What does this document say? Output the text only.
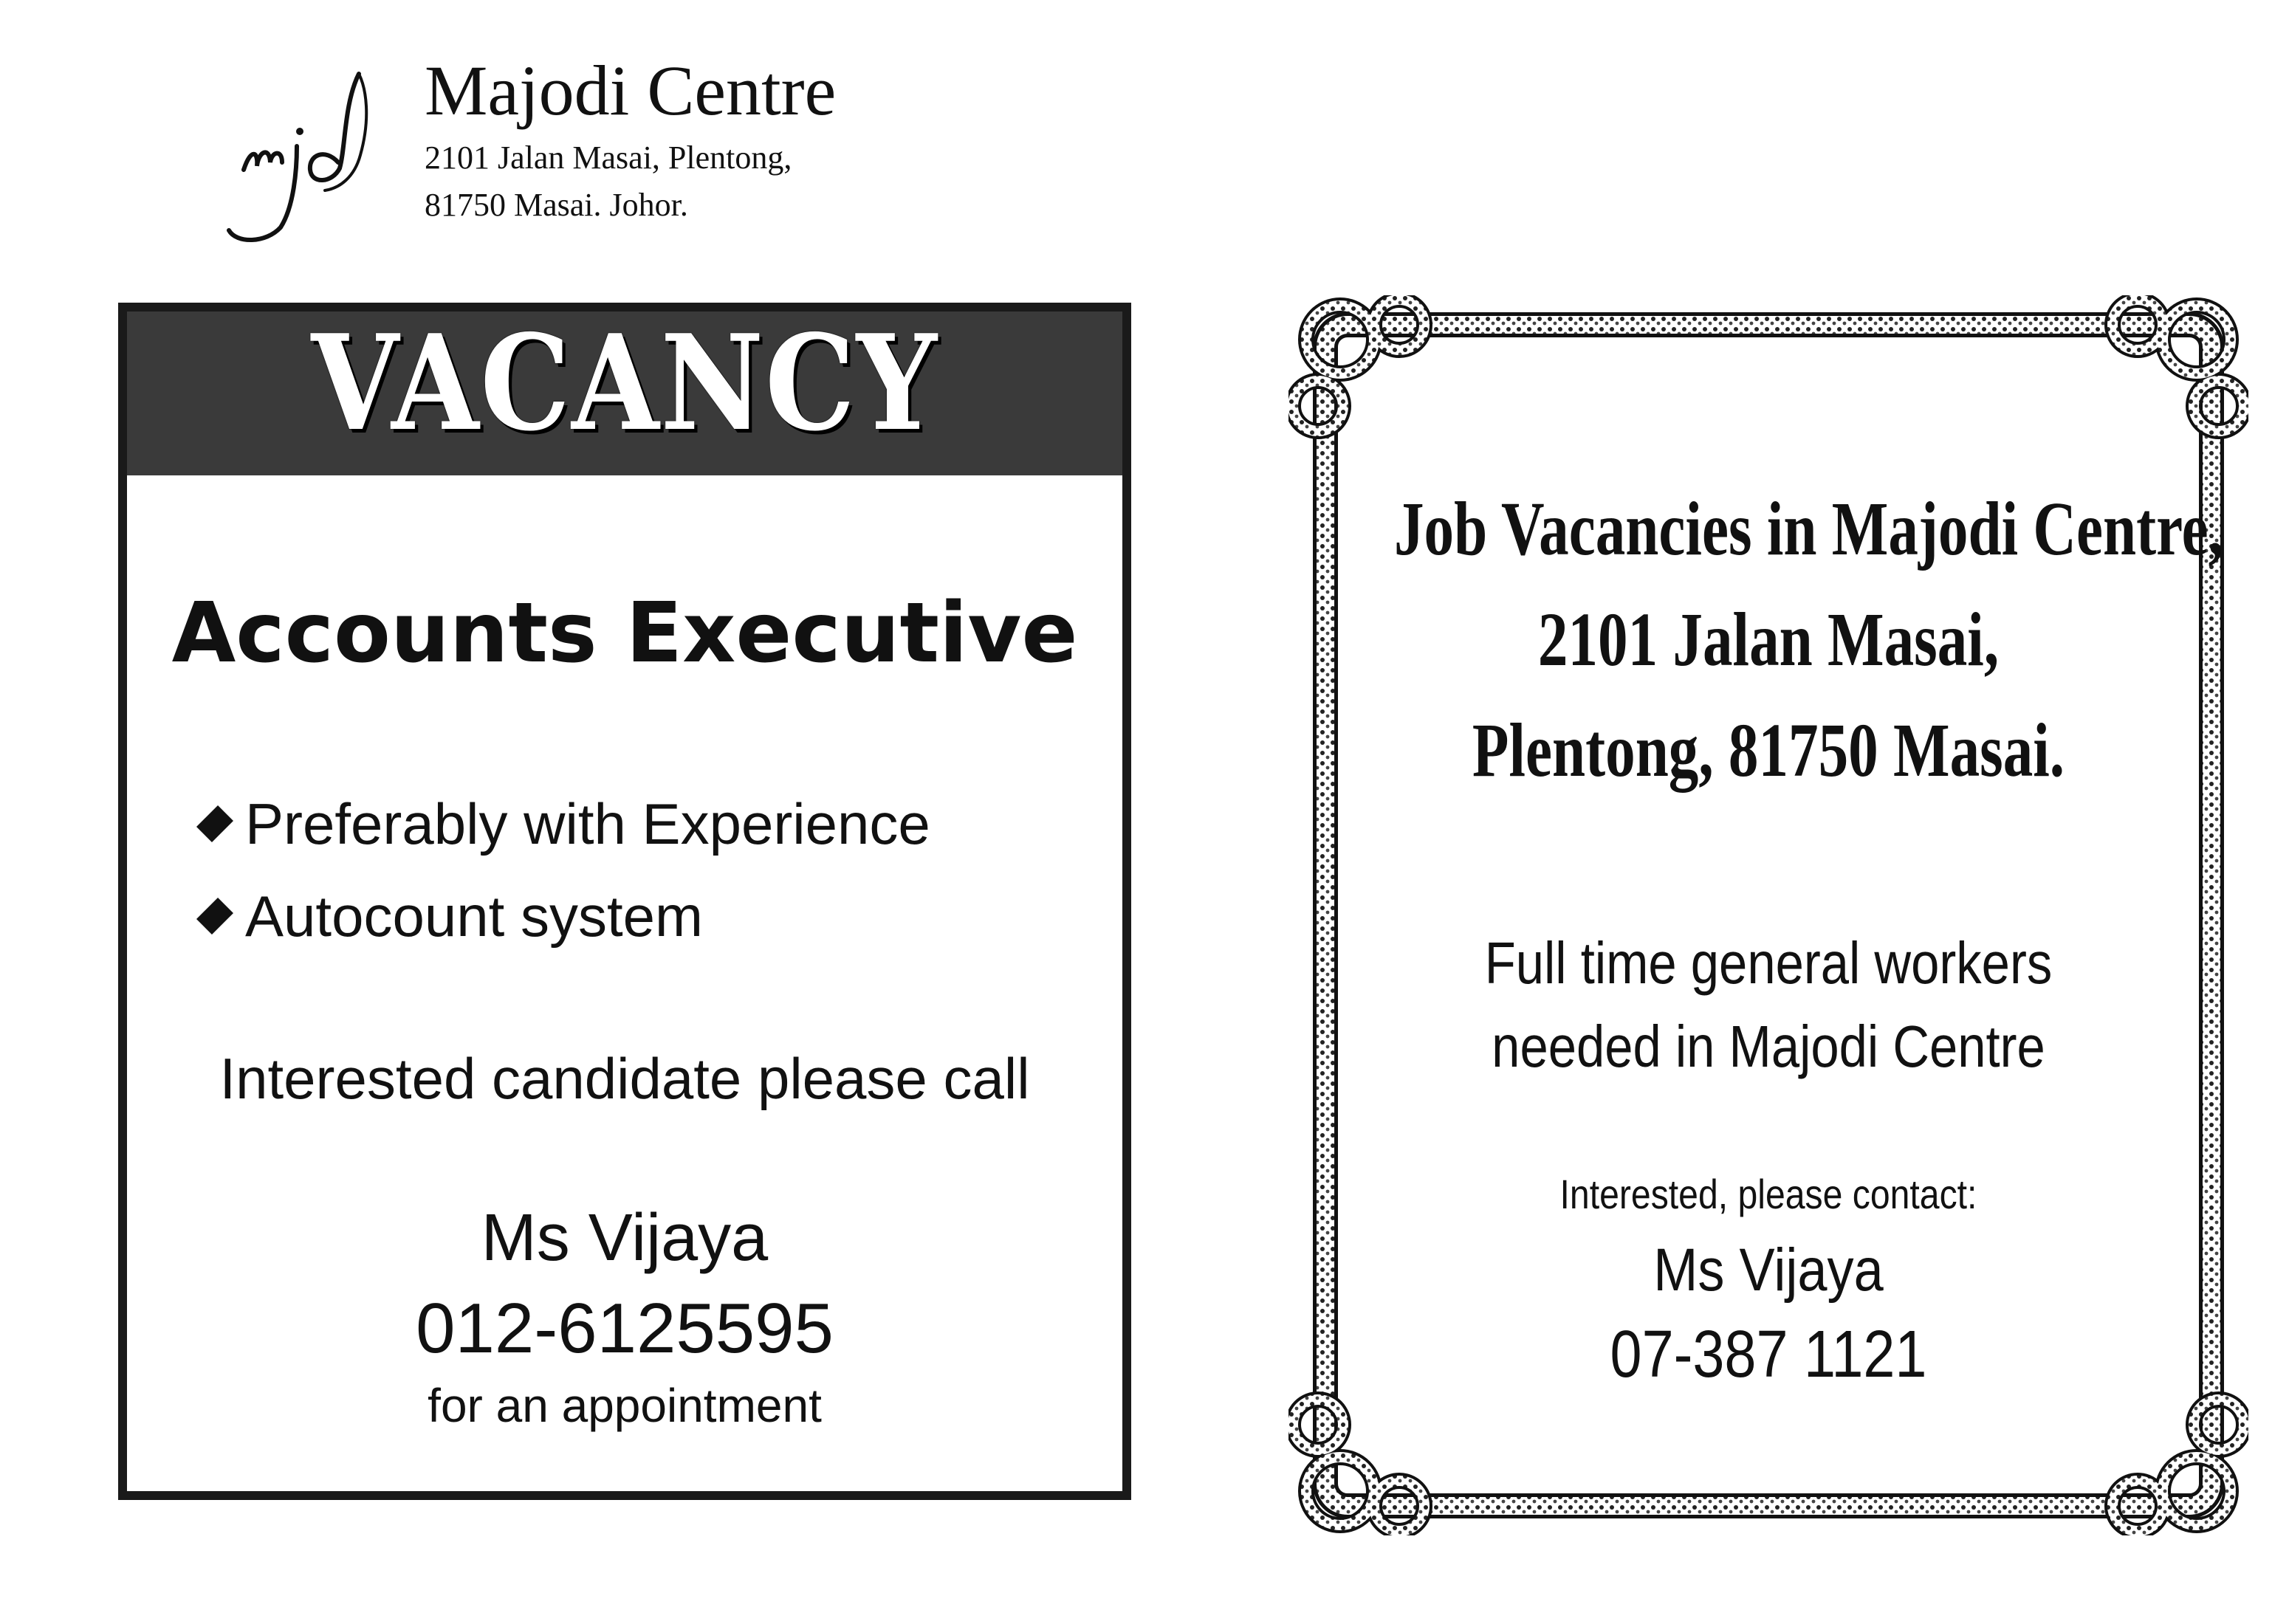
Majodi Centre
2101 Jalan Masai, Plentong,
81750 Masai. Johor.
VACANCY
Accounts Executive
Preferably with Experience
Autocount system
Interested candidate please call
Ms Vijaya
012-6125595
for an appointment
Job Vacancies in Majodi Centre,
2101 Jalan Masai,
Plentong, 81750 Masai.
Full time general workers
needed in Majodi Centre
Interested, please contact:
Ms Vijaya
07-387 1121
